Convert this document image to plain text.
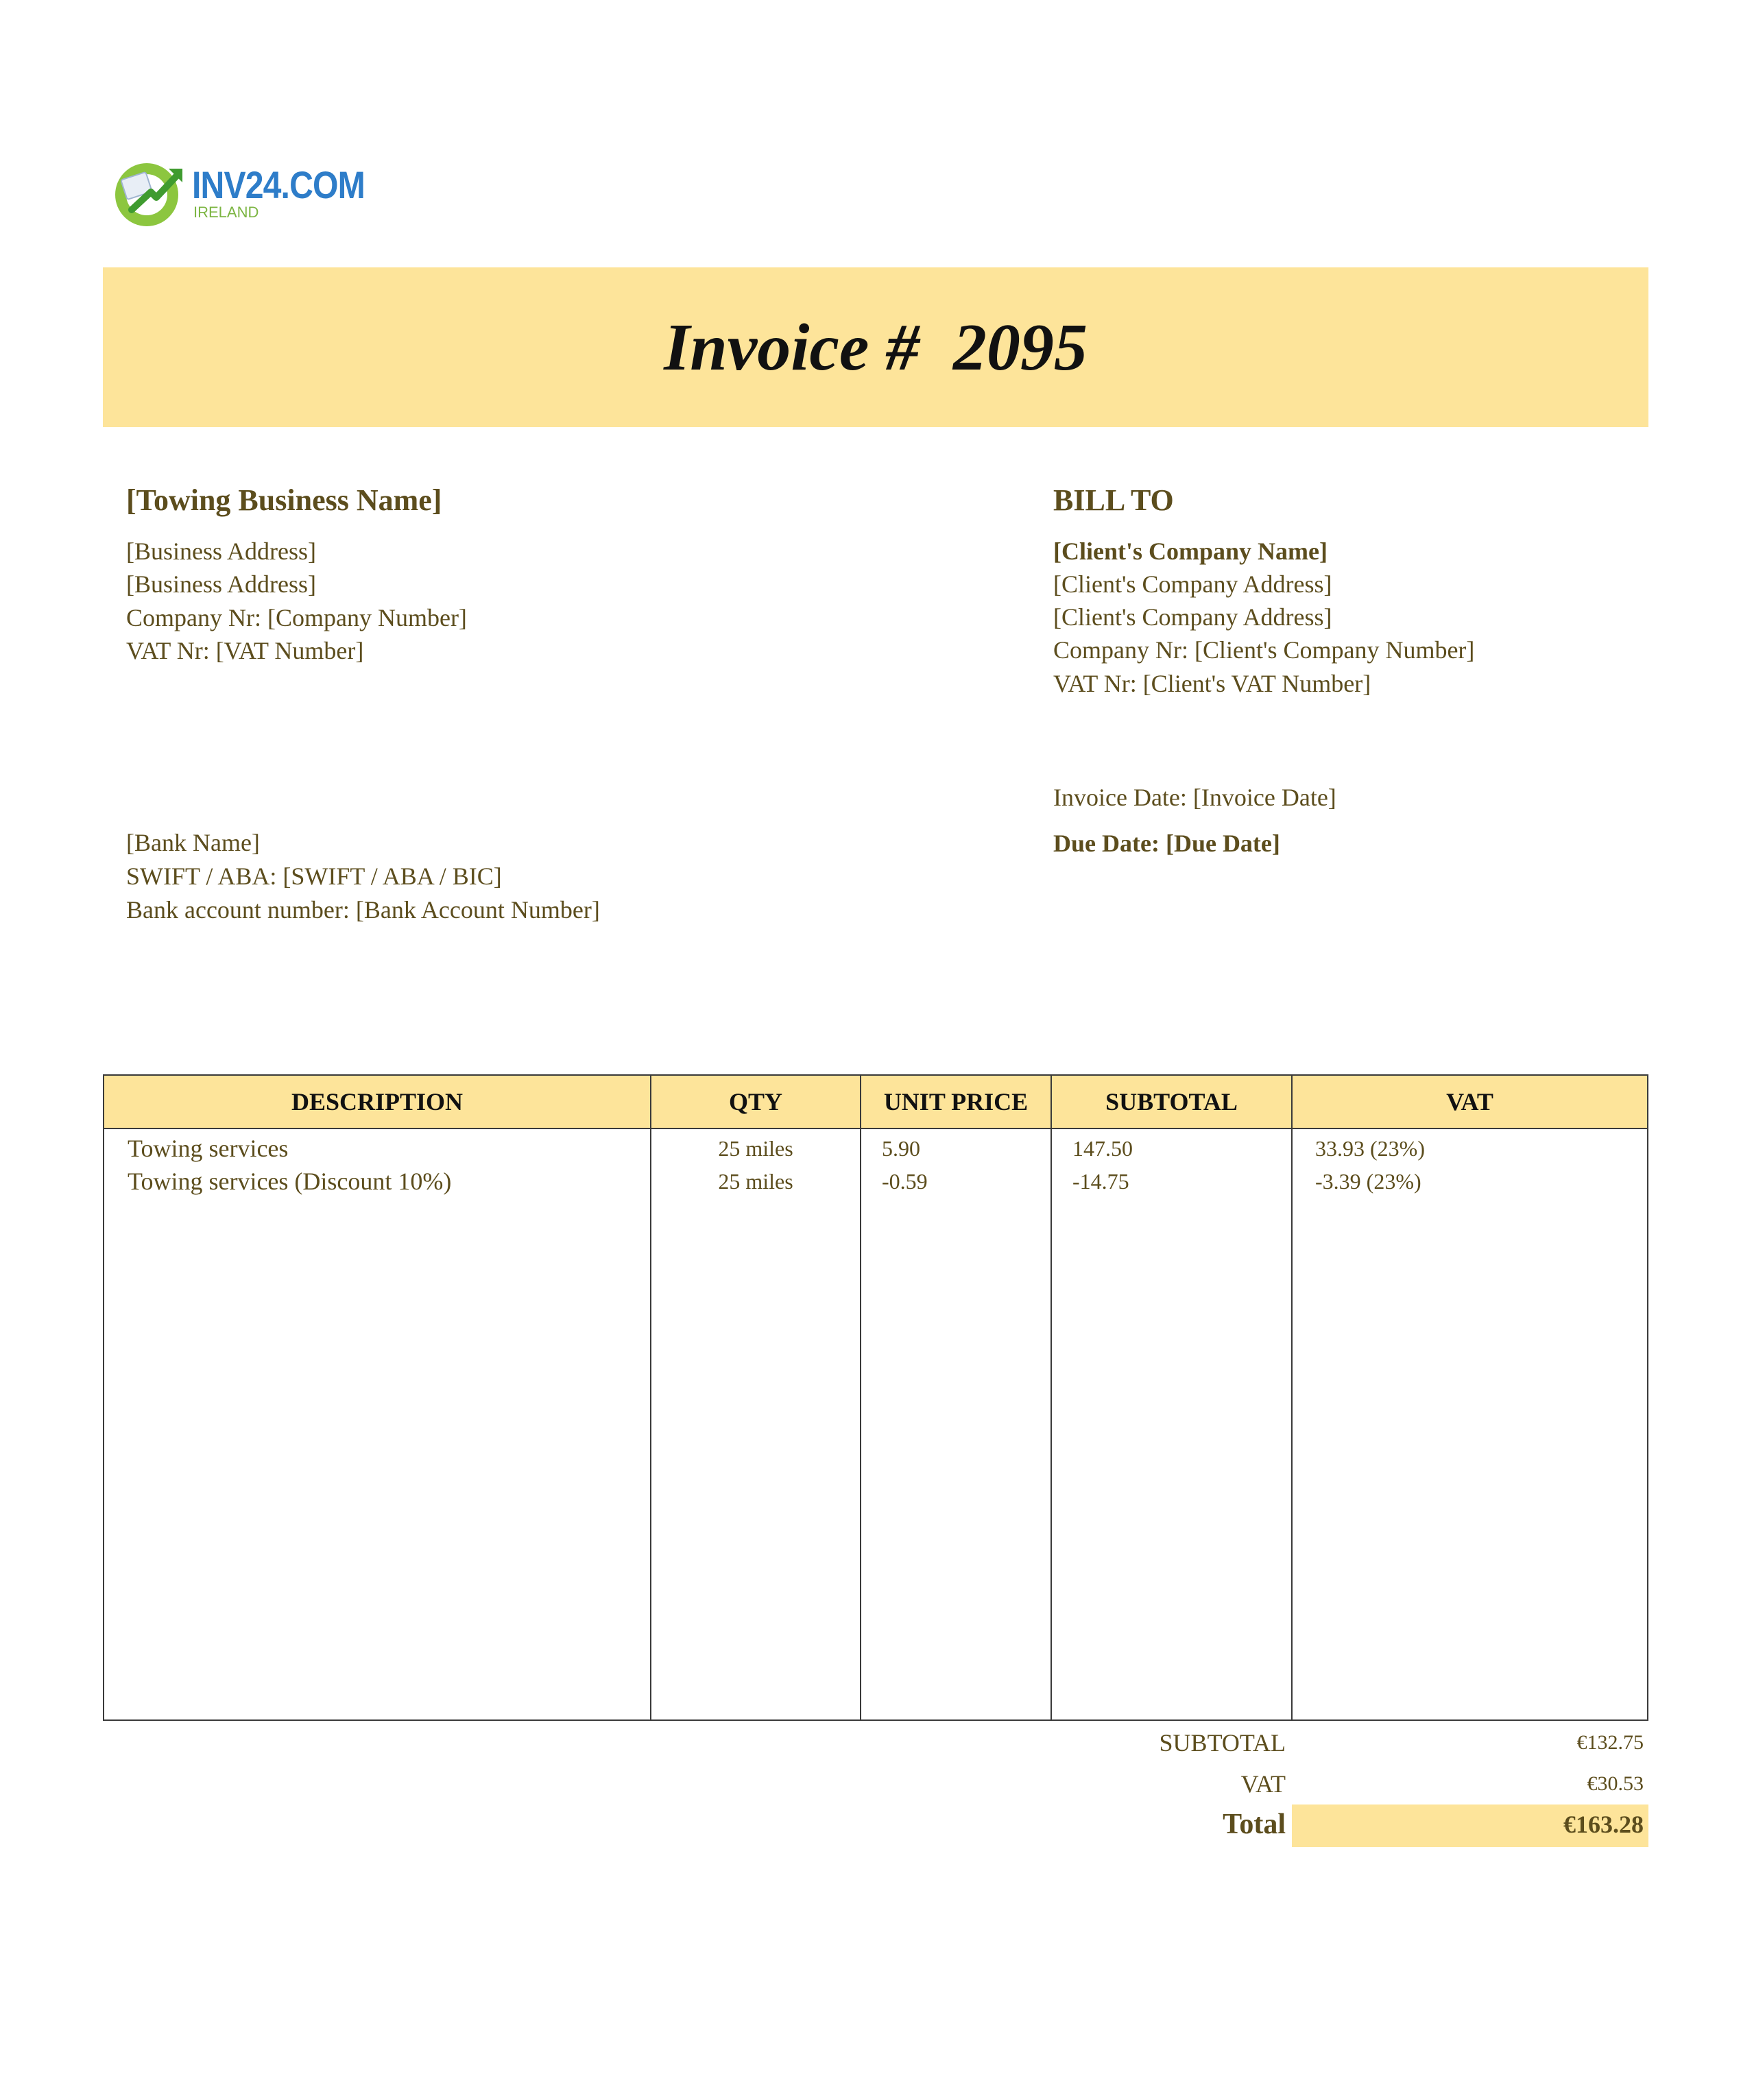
INV24.COM
IRELAND
Invoice #  2095
[Towing Business Name]
[Business Address]
[Business Address]
Company Nr: [Company Number]
VAT Nr: [VAT Number]
[Bank Name]
SWIFT / ABA: [SWIFT / ABA / BIC]
Bank account number: [Bank Account Number]
BILL TO
[Client's Company Name]
[Client's Company Address]
[Client's Company Address]
Company Nr: [Client's Company Number]
VAT Nr: [Client's VAT Number]
Invoice Date: [Invoice Date]
Due Date: [Due Date]
DESCRIPTION	QTY	UNIT PRICE	SUBTOTAL	VAT
Towing services	25 miles	5.90	147.50	33.93 (23%)
Towing services (Discount 10%)	25 miles	-0.59	-14.75	-3.39 (23%)
SUBTOTAL	€132.75
VAT	€30.53
Total	€163.28
